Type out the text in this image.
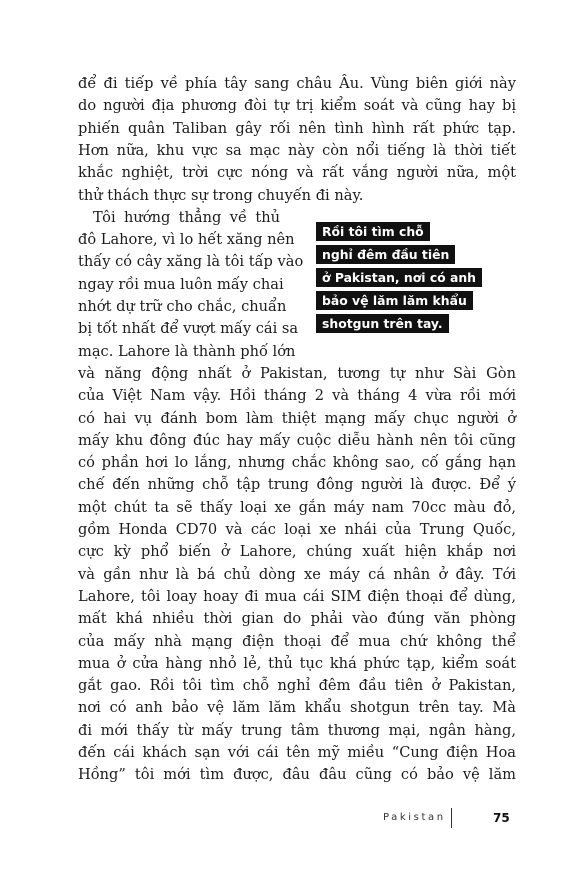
để đi tiếp về phía tây sang châu Âu. Vùng biên giới này
do người địa phương đòi tự trị kiểm soát và cũng hay bị
phiến quân Taliban gây rối nên tình hình rất phức tạp.
Hơn nữa, khu vực sa mạc này còn nổi tiếng là thời tiết
khắc nghiệt, trời cực nóng và rất vắng người nữa, một
thử thách thực sự trong chuyến đi này.
Tôi hướng thẳng về thủ
đô Lahore, vì lo hết xăng nên
thấy có cây xăng là tôi tấp vào
ngay rồi mua luôn mấy chai
nhớt dự trữ cho chắc, chuẩn
bị tốt nhất để vượt mấy cái sa
mạc. Lahore là thành phố lớn
và năng động nhất ở Pakistan, tương tự như Sài Gòn
của Việt Nam vậy. Hồi tháng 2 và tháng 4 vừa rồi mới
có hai vụ đánh bom làm thiệt mạng mấy chục người ở
mấy khu đông đúc hay mấy cuộc diễu hành nên tôi cũng
có phần hơi lo lắng, nhưng chắc không sao, cố gắng hạn
chế đến những chỗ tập trung đông người là được. Để ý
một chút ta sẽ thấy loại xe gắn máy nam 70cc màu đỏ,
gồm Honda CD70 và các loại xe nhái của Trung Quốc,
cực kỳ phổ biến ở Lahore, chúng xuất hiện khắp nơi
và gần như là bá chủ dòng xe máy cá nhân ở đây. Tới
Lahore, tôi loay hoay đi mua cái SIM điện thoại để dùng,
mất khá nhiều thời gian do phải vào đúng văn phòng
của mấy nhà mạng điện thoại để mua chứ không thể
mua ở cửa hàng nhỏ lẻ, thủ tục khá phức tạp, kiểm soát
gắt gao. Rồi tôi tìm chỗ nghỉ đêm đầu tiên ở Pakistan,
nơi có anh bảo vệ lăm lăm khẩu shotgun trên tay. Mà
đi mới thấy từ mấy trung tâm thương mại, ngân hàng,
đến cái khách sạn với cái tên mỹ miều “Cung điện Hoa
Hồng” tôi mới tìm được, đâu đâu cũng có bảo vệ lăm
Rồi tôi tìm chỗ
nghỉ đêm đầu tiên
ở Pakistan, nơi có anh
bảo vệ lăm lăm khẩu
shotgun trên tay.
Pakistan	75
